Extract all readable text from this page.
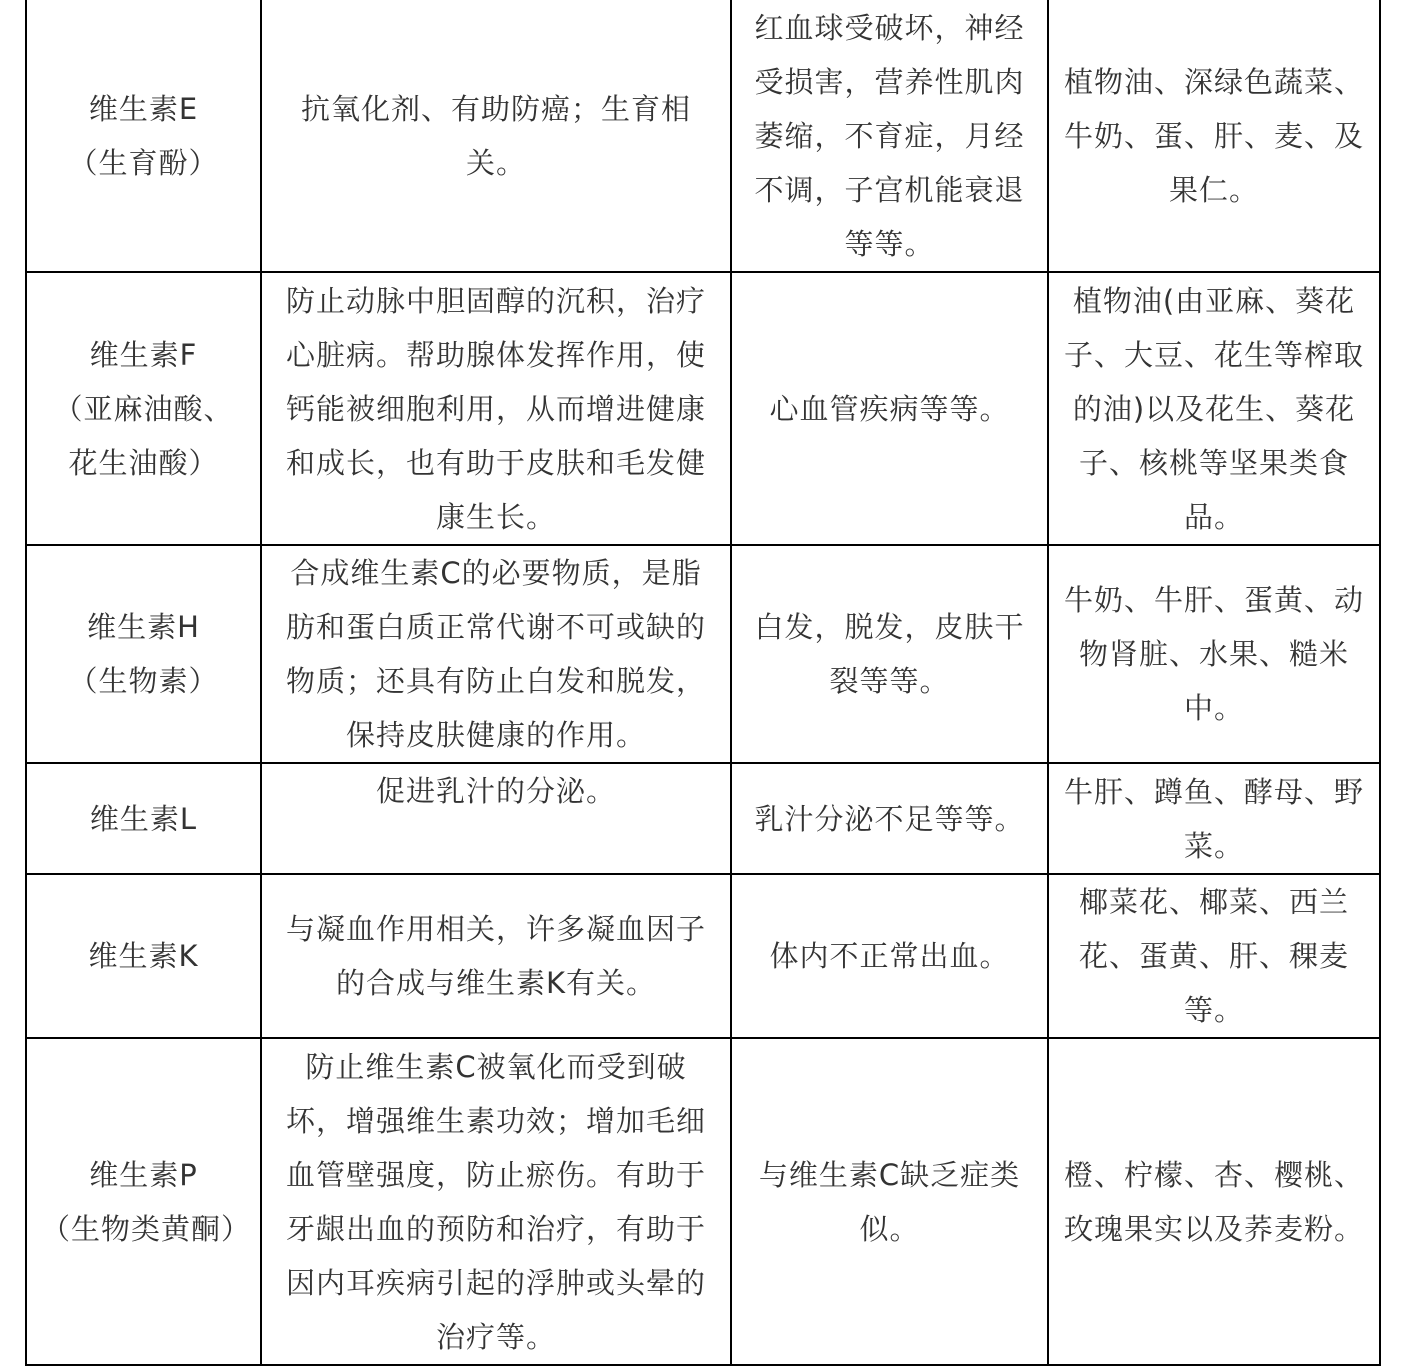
维生素E
（生育酚）	抗氧化剂、有助防癌；生育相关。	红血球受破坏，神经受损害，营养性肌肉萎缩，不育症，月经不调，子宫机能衰退等等。	植物油、深绿色蔬菜、牛奶、蛋、肝、麦、及果仁。

维生素F
（亚麻油酸、花生油酸）	防止动脉中胆固醇的沉积，治疗心脏病。帮助腺体发挥作用，使钙能被细胞利用，从而增进健康和成长，也有助于皮肤和毛发健康生长。	心血管疾病等等。	植物油(由亚麻、葵花子、大豆、花生等榨取的油)以及花生、葵花子、核桃等坚果类食品。

维生素H
（生物素）	合成维生素C的必要物质，是脂肪和蛋白质正常代谢不可或缺的物质；还具有防止白发和脱发，保持皮肤健康的作用。	白发，脱发，皮肤干裂等等。	牛奶、牛肝、蛋黄、动物肾脏、水果、糙米中。

维生素L	促进乳汁的分泌。	乳汁分泌不足等等。	牛肝、蹲鱼、酵母、野菜。

维生素K	与凝血作用相关，许多凝血因子的合成与维生素K有关。	体内不正常出血。	椰菜花、椰菜、西兰花、蛋黄、肝、稞麦等。

维生素P
（生物类黄酮）	防止维生素C被氧化而受到破坏，增强维生素功效；增加毛细血管壁强度，防止瘀伤。有助于牙龈出血的预防和治疗，有助于因内耳疾病引起的浮肿或头晕的治疗等。	与维生素C缺乏症类似。	橙、柠檬、杏、樱桃、玫瑰果实以及荞麦粉。
